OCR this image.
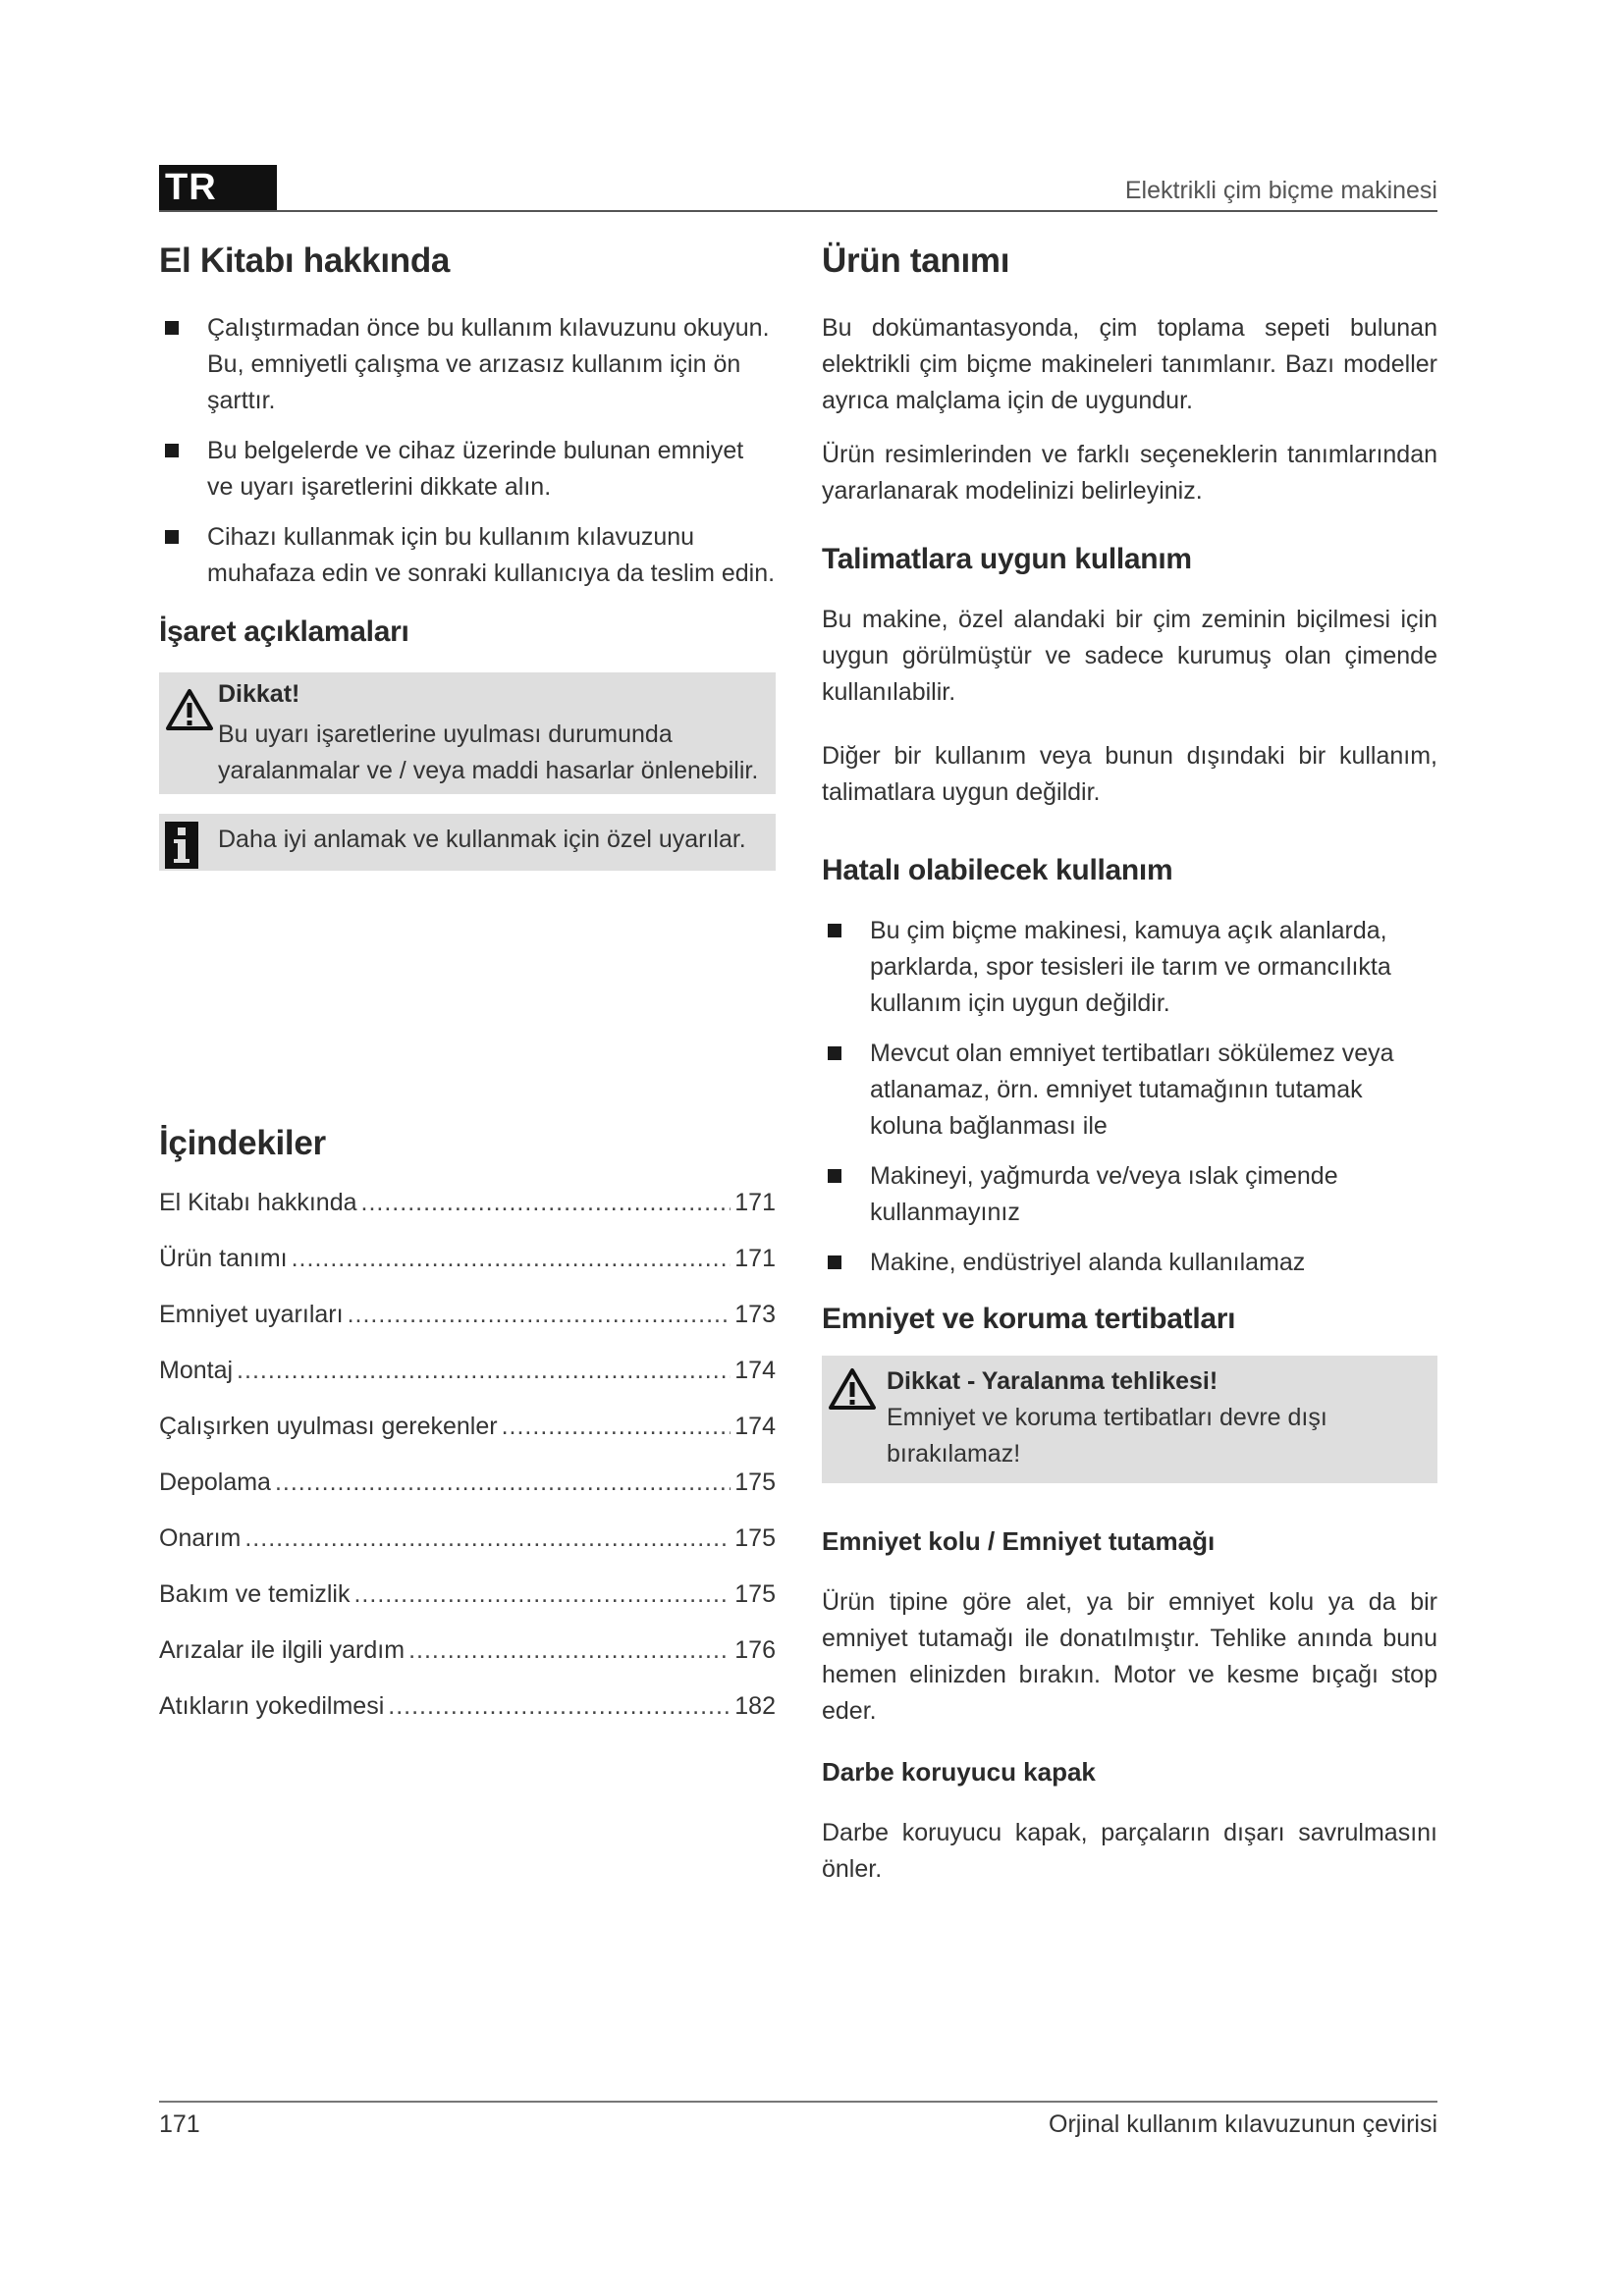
TR	Elektrikli çim biçme makinesi
El Kitabı hakkında
Çalıştırmadan önce bu kullanım kılavuzunu okuyun. Bu, emniyetli çalışma ve arızasız kullanım için ön şarttır.
Bu belgelerde ve cihaz üzerinde bulunan emniyet ve uyarı işaretlerini dikkate alın.
Cihazı kullanmak için bu kullanım kılavuzunu muhafaza edin ve sonraki kullanıcıya da teslim edin.
İşaret açıklamaları
Dikkat!
Bu uyarı işaretlerine uyulması durumunda yaralanmalar ve / veya maddi hasarlar önlenebilir.
Daha iyi anlamak ve kullanmak için özel uyarılar.
İçindekiler
El Kitabı hakkında .....	171
Ürün tanımı .....	171
Emniyet uyarıları .....	173
Montaj .....	174
Çalışırken uyulması gerekenler .....	174
Depolama .....	175
Onarım .....	175
Bakım ve temizlik .....	175
Arızalar ile ilgili yardım .....	176
Atıkların yokedilmesi .....	182
Ürün tanımı

Bu dokümantasyonda, çim toplama sepeti bulunan elektrikli çim biçme makineleri tanımlanır. Bazı modeller ayrıca malçlama için de uygundur.

Ürün resimlerinden ve farklı seçeneklerin tanımlarından yararlanarak modelinizi belirleyiniz.

Talimatlara uygun kullanım

Bu makine, özel alandaki bir çim zeminin biçilmesi için uygun görülmüştür ve sadece kurumuş olan çimende kullanılabilir.

Diğer bir kullanım veya bunun dışındaki bir kullanım, talimatlara uygun değildir.

Hatalı olabilecek kullanım
Bu çim biçme makinesi, kamuya açık alanlarda, parklarda, spor tesisleri ile tarım ve ormancılıkta kullanım için uygun değildir.
Mevcut olan emniyet tertibatları sökülemez veya atlanamaz, örn. emniyet tutamağının tutamak koluna bağlanması ile
Makineyi, yağmurda ve/veya ıslak çimende kullanmayınız
Makine, endüstriyel alanda kullanılamaz
Emniyet ve koruma tertibatları
Dikkat - Yaralanma tehlikesi!
Emniyet ve koruma tertibatları devre dışı bırakılamaz!
Emniyet kolu / Emniyet tutamağı

Ürün tipine göre alet, ya bir emniyet kolu ya da bir emniyet tutamağı ile donatılmıştır. Tehlike anında bunu hemen elinizden bırakın. Motor ve kesme bıçağı stop eder.

Darbe koruyucu kapak

Darbe koruyucu kapak, parçaların dışarı savrulmasını önler.

171	Orjinal kullanım kılavuzunun çevirisi
